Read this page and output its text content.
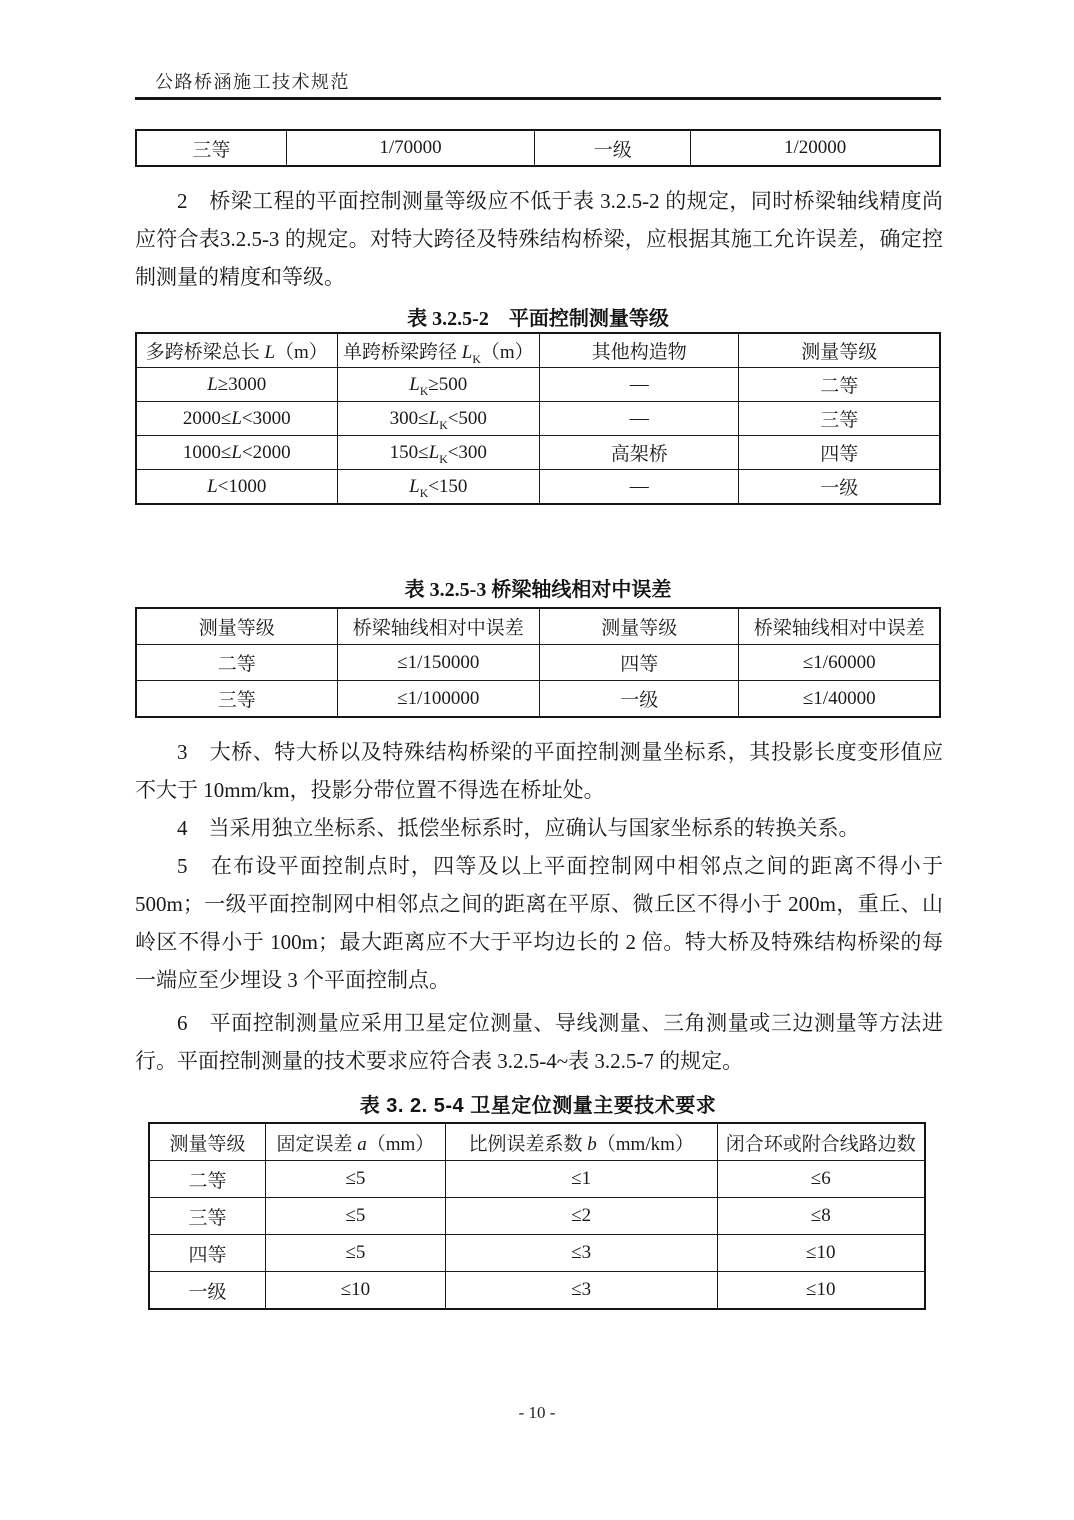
公路桥涵施工技术规范
三等	1/70000	一级	1/20000

2　桥梁工程的平面控制测量等级应不低于表 3.2.5-2 的规定，同时桥梁轴线精度尚应符合表3.2.5-3 的规定。对特大跨径及特殊结构桥梁，应根据其施工允许误差，确定控制测量的精度和等级。

表 3.2.5-2　平面控制测量等级
多跨桥梁总长 L（m）	单跨桥梁跨径 $L_K(m)$	其他构造物	测量等级
L≥3000	$L_K\ge 500$	—	二等
2000≤L<3000	$300\le L_K<500$	—	三等
1000≤L<2000	$150\le L_K<300$	高架桥	四等
L<1000	$L_K<150$	—	一级
表 3.2.5-3 桥梁轴线相对中误差
测量等级	桥梁轴线相对中误差	测量等级	桥梁轴线相对中误差
二等	≤1/150000	四等	≤1/60000
三等	≤1/100000	一级	≤1/40000

3　大桥、特大桥以及特殊结构桥梁的平面控制测量坐标系，其投影长度变形值应不大于 10mm/km，投影分带位置不得选在桥址处。

4　当采用独立坐标系、抵偿坐标系时，应确认与国家坐标系的转换关系。

5　在布设平面控制点时，四等及以上平面控制网中相邻点之间的距离不得小于500m；一级平面控制网中相邻点之间的距离在平原、微丘区不得小于 200m，重丘、山岭区不得小于 100m；最大距离应不大于平均边长的 2 倍。特大桥及特殊结构桥梁的每一端应至少埋设 3 个平面控制点。

6　平面控制测量应采用卫星定位测量、导线测量、三角测量或三边测量等方法进行。平面控制测量的技术要求应符合表 3.2.5-4~表 3.2.5-7 的规定。

表 3. 2. 5-4 卫星定位测量主要技术要求
测量等级	固定误差 a（mm）	比例误差系数 b（mm/km）	闭合环或附合线路边数
二等	≤5	≤1	≤6
三等	≤5	≤2	≤8
四等	≤5	≤3	≤10
一级	≤10	≤3	≤10
- 10 -
